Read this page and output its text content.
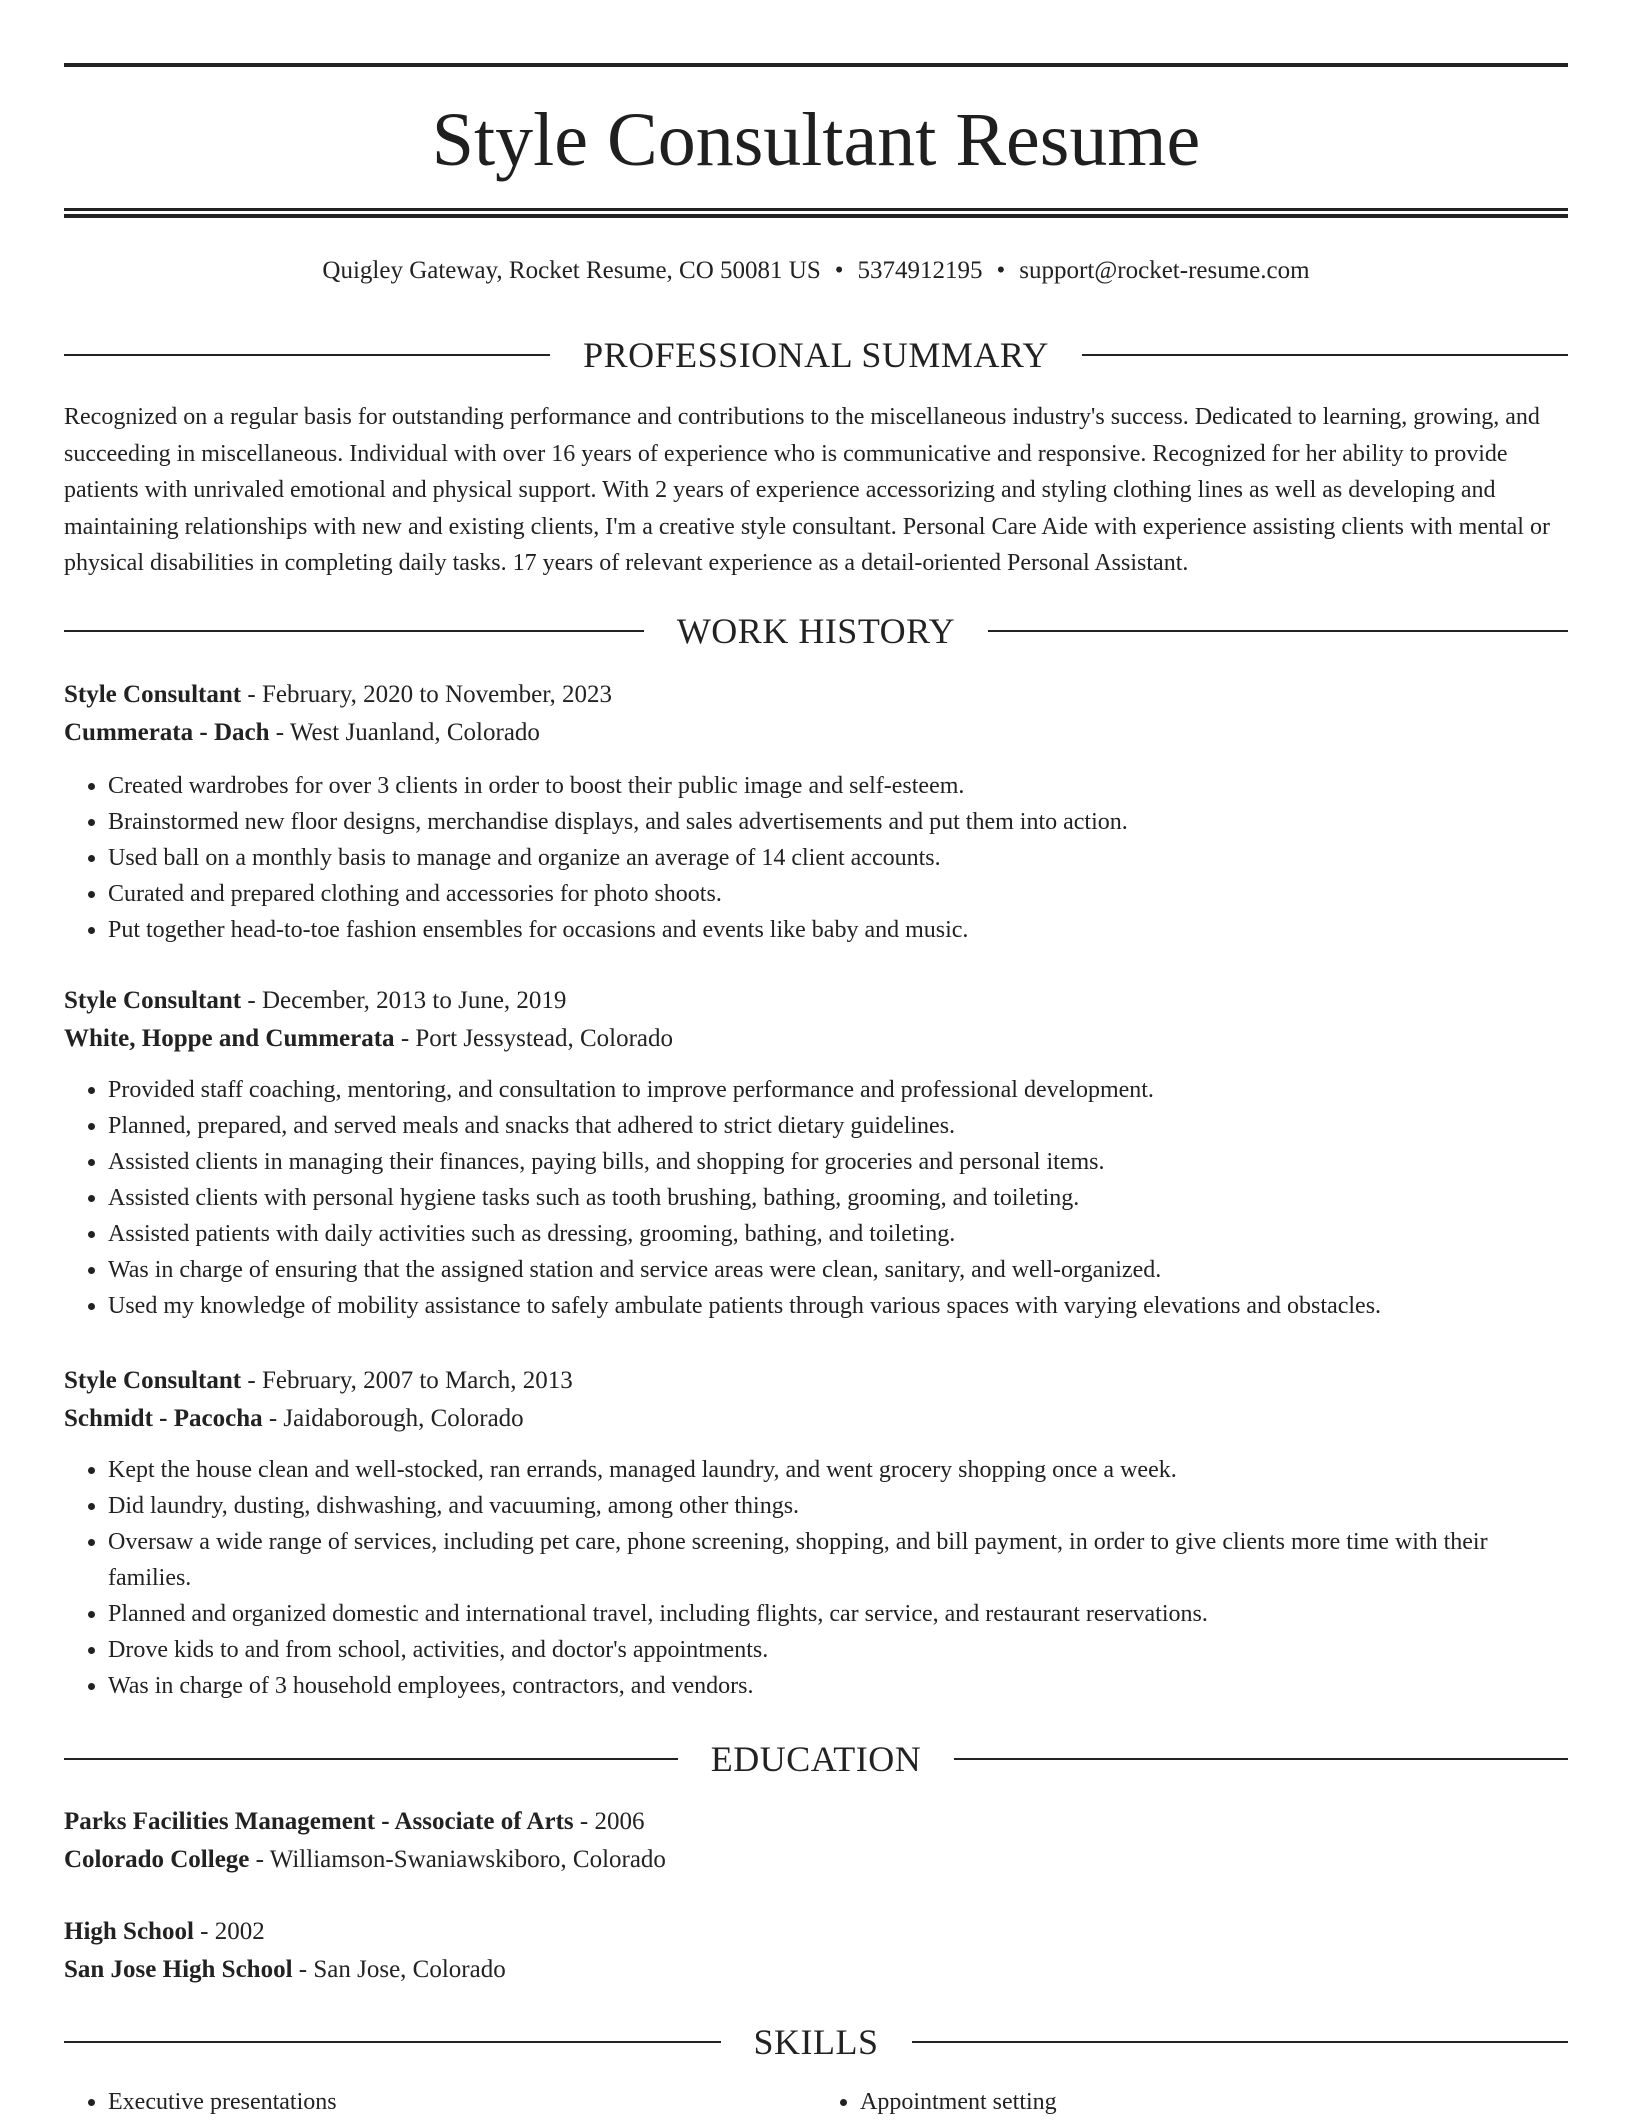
Style Consultant Resume
Quigley Gateway, Rocket Resume, CO 50081 US • 5374912195 • support@rocket-resume.com
PROFESSIONAL SUMMARY
Recognized on a regular basis for outstanding performance and contributions to the miscellaneous industry's success. Dedicated to learning, growing, and succeeding in miscellaneous. Individual with over 16 years of experience who is communicative and responsive. Recognized for her ability to provide patients with unrivaled emotional and physical support. With 2 years of experience accessorizing and styling clothing lines as well as developing and maintaining relationships with new and existing clients, I'm a creative style consultant. Personal Care Aide with experience assisting clients with mental or physical disabilities in completing daily tasks. 17 years of relevant experience as a detail-oriented Personal Assistant.
WORK HISTORY
Style Consultant - February, 2020 to November, 2023
Cummerata - Dach - West Juanland, Colorado
• Created wardrobes for over 3 clients in order to boost their public image and self-esteem.
• Brainstormed new floor designs, merchandise displays, and sales advertisements and put them into action.
• Used ball on a monthly basis to manage and organize an average of 14 client accounts.
• Curated and prepared clothing and accessories for photo shoots.
• Put together head-to-toe fashion ensembles for occasions and events like baby and music.
Style Consultant - December, 2013 to June, 2019
White, Hoppe and Cummerata - Port Jessystead, Colorado
• Provided staff coaching, mentoring, and consultation to improve performance and professional development.
• Planned, prepared, and served meals and snacks that adhered to strict dietary guidelines.
• Assisted clients in managing their finances, paying bills, and shopping for groceries and personal items.
• Assisted clients with personal hygiene tasks such as tooth brushing, bathing, grooming, and toileting.
• Assisted patients with daily activities such as dressing, grooming, bathing, and toileting.
• Was in charge of ensuring that the assigned station and service areas were clean, sanitary, and well-organized.
• Used my knowledge of mobility assistance to safely ambulate patients through various spaces with varying elevations and obstacles.
Style Consultant - February, 2007 to March, 2013
Schmidt - Pacocha - Jaidaborough, Colorado
• Kept the house clean and well-stocked, ran errands, managed laundry, and went grocery shopping once a week.
• Did laundry, dusting, dishwashing, and vacuuming, among other things.
• Oversaw a wide range of services, including pet care, phone screening, shopping, and bill payment, in order to give clients more time with their families.
• Planned and organized domestic and international travel, including flights, car service, and restaurant reservations.
• Drove kids to and from school, activities, and doctor's appointments.
• Was in charge of 3 household employees, contractors, and vendors.
EDUCATION
Parks Facilities Management - Associate of Arts - 2006
Colorado College - Williamson-Swaniawskiboro, Colorado
High School - 2002
San Jose High School - San Jose, Colorado
SKILLS
• Executive presentations
•	Appointment setting
